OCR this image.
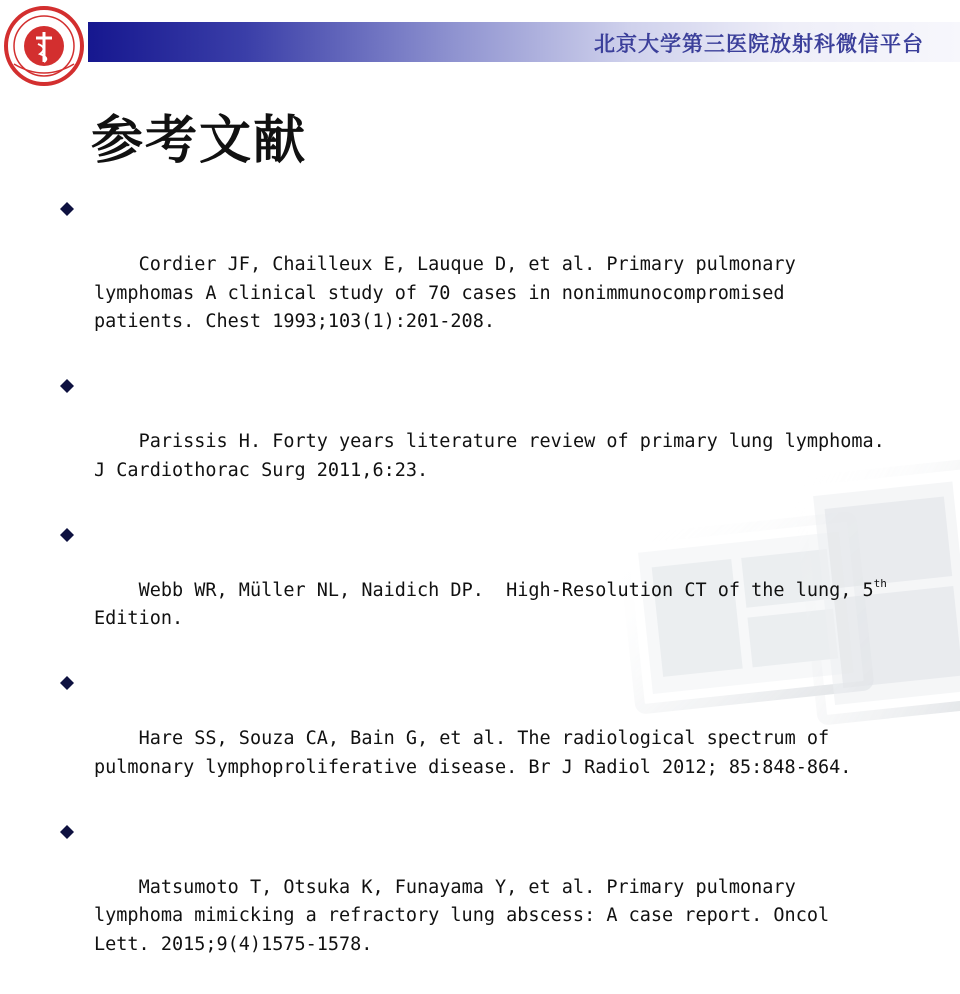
北京大学第三医院放射科微信平台
参考文献

Cordier JF, Chailleux E, Lauque D, et al. Primary pulmonary
lymphomas A clinical study of 70 cases in nonimmunocompromised
patients. Chest 1993;103(1):201-208.

Parissis H. Forty years literature review of primary lung lymphoma.
J Cardiothorac Surg 2011,6:23.

Webb WR, Müller NL, Naidich DP.  High-Resolution CT of the lung, 5th
Edition.

Hare SS, Souza CA, Bain G, et al. The radiological spectrum of
pulmonary lymphoproliferative disease. Br J Radiol 2012; 85:848-864.

Matsumoto T, Otsuka K, Funayama Y, et al. Primary pulmonary
lymphoma mimicking a refractory lung abscess: A case report. Oncol
Lett. 2015;9(4)1575-1578.
